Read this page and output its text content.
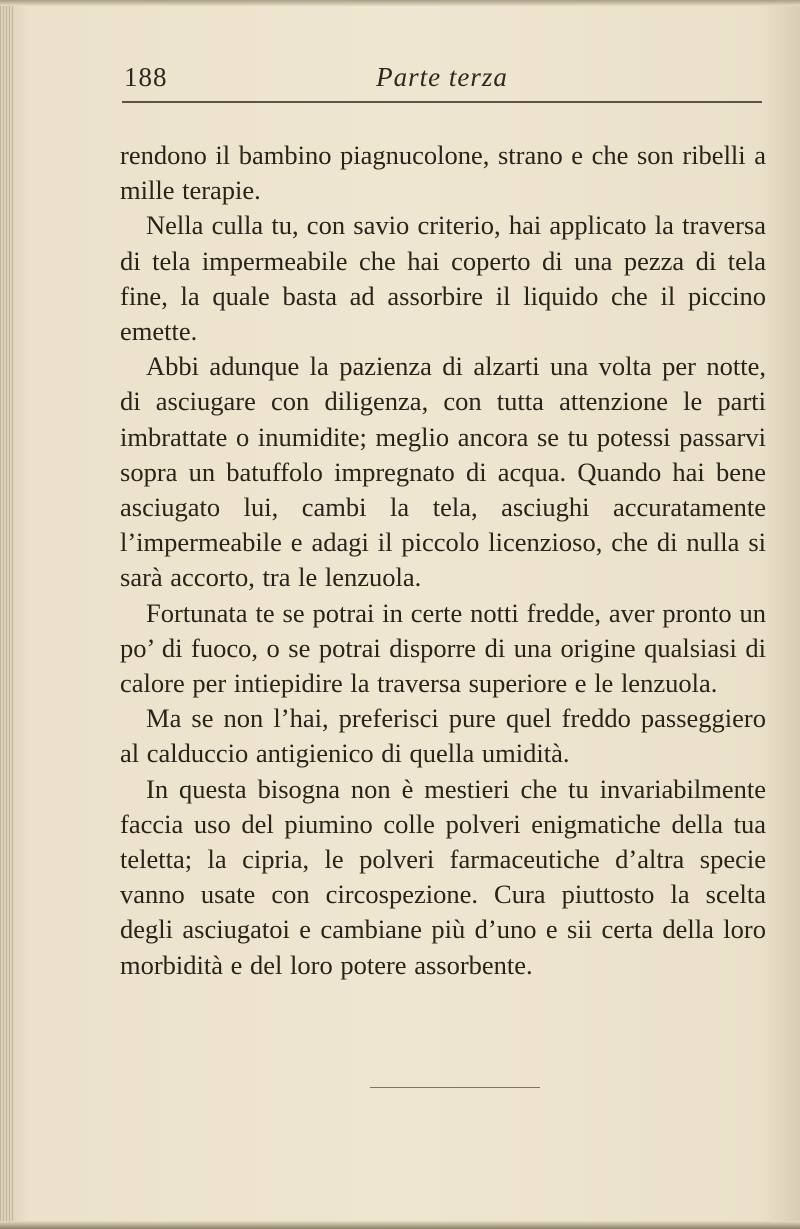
188	Parte terza

rendono il bambino piagnucolone, strano e che son ribelli a mille terapie.

Nella culla tu, con savio criterio, hai applicato la traversa di tela impermeabile che hai coperto di una pezza di tela fine, la quale basta ad assorbire il liquido che il piccino emette.

Abbi adunque la pazienza di alzarti una volta per notte, di asciugare con diligenza, con tutta attenzione le parti imbrattate o inumidite; meglio ancora se tu potessi passarvi sopra un batuffolo impregnato di acqua. Quando hai bene asciugato lui, cambi la tela, asciughi accuratamente l’impermeabile e adagi il piccolo licenzioso, che di nulla si sarà accorto, tra le lenzuola.

Fortunata te se potrai in certe notti fredde, aver pronto un po’ di fuoco, o se potrai disporre di una origine qualsiasi di calore per intiepidire la traversa superiore e le lenzuola.

Ma se non l’hai, preferisci pure quel freddo passeggiero al calduccio antigienico di quella umidità.

In questa bisogna non è mestieri che tu invariabilmente faccia uso del piumino colle polveri enigmatiche della tua teletta; la cipria, le polveri farmaceutiche d’altra specie vanno usate con circospezione. Cura piuttosto la scelta degli asciugatoi e cambiane più d’uno e sii certa della loro morbidità e del loro potere assorbente.
